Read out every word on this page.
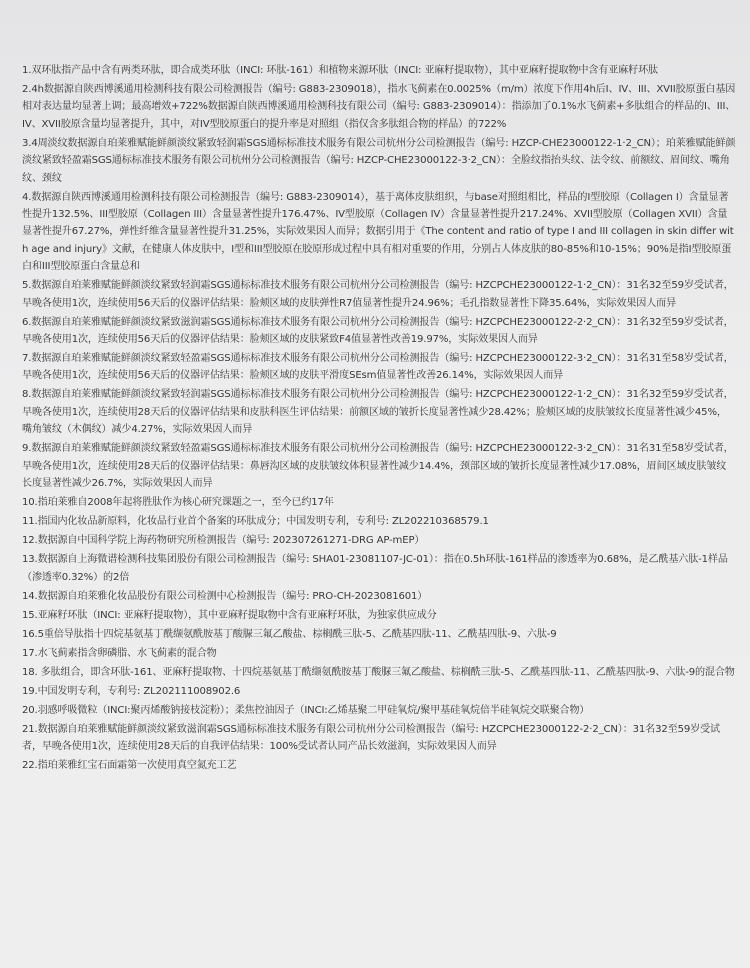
1.双环肽指产品中含有两类环肽，即合成类环肽（INCI: 环肽-161）和植物来源环肽（INCI: 亚麻籽提取物），其中亚麻籽提取物中含有亚麻籽环肽
2.4h数据源自陕西博溪通用检测科技有限公司检测报告（编号: G883-2309018），指水飞蓟素在0.0025%（m/m）浓度下作用4h后I、IV、III、XVII胶原蛋白基因相对表达量均显著上调；最高增效+722%数据源自陕西博溪通用检测科技有限公司（编号: G883-2309014）：指添加了0.1%水飞蓟素+多肽组合的样品的I、III、IV、XVII胶原含量均显著提升，其中，对IV型胶原蛋白的提升率是对照组（指仅含多肽组合物的样品）的722%
3.4周淡纹数据源自珀莱雅赋能鲜颜淡纹紧致轻润霜SGS通标标准技术服务有限公司杭州分公司检测报告（编号: HZCP-CHE23000122-1·2_CN）；珀莱雅赋能鲜颜淡纹紧致轻盈霜SGS通标标准技术服务有限公司杭州分公司检测报告（编号: HZCP-CHE23000122-3·2_CN）：全脸纹指抬头纹、法令纹、前额纹、眉间纹、嘴角纹、颈纹
4.数据源自陕西博溪通用检测科技有限公司检测报告（编号: G883-2309014），基于离体皮肤组织，与base对照组相比，样品的I型胶原（Collagen I）含量显著性提升132.5%、III型胶原（Collagen III）含量显著性提升176.47%、IV型胶原（Collagen IV）含量显著性提升217.24%、XVII型胶原（Collagen XVII）含量显著性提升67.27%，弹性纤维含量显著性提升31.25%，实际效果因人而异；数据引用于《The content and ratio of type I and III collagen in skin differ with age and injury》文献，在健康人体皮肤中，I型和III型胶原在胶原形成过程中具有相对重要的作用，分别占人体皮肤的80-85%和10-15%；90%是指I型胶原蛋白和III型胶原蛋白含量总和
5.数据源自珀莱雅赋能鲜颜淡纹紧致轻润霜SGS通标标准技术服务有限公司杭州分公司检测报告（编号: HZCPCHE23000122-1·2_CN）：31名32至59岁受试者，早晚各使用1次，连续使用56天后的仪器评估结果：脸颊区域的皮肤弹性R7值显著性提升24.96%；毛孔指数显著性下降35.64%，实际效果因人而异
6.数据源自珀莱雅赋能鲜颜淡纹紧致滋润霜SGS通标标准技术服务有限公司杭州分公司检测报告（编号: HZCPCHE23000122-2·2_CN）：31名32至59岁受试者，早晚各使用1次，连续使用56天后的仪器评估结果：脸颊区域的皮肤紧致F4值显著性改善19.97%，实际效果因人而异
7.数据源自珀莱雅赋能鲜颜淡纹紧致轻盈霜SGS通标标准技术服务有限公司杭州分公司检测报告（编号: HZCPCHE23000122-3·2_CN）：31名31至58岁受试者，早晚各使用1次，连续使用56天后的仪器评估结果：脸颊区域的皮肤平滑度SEsm值显著性改善26.14%，实际效果因人而异
8.数据源自珀莱雅赋能鲜颜淡纹紧致轻润霜SGS通标标准技术服务有限公司杭州分公司检测报告（编号: HZCPCHE23000122-1·2_CN）：31名32至59岁受试者，早晚各使用1次，连续使用28天后的仪器评估结果和皮肤科医生评估结果：前额区域的皱折长度显著性减少28.42%；脸颊区域的皮肤皱纹长度显著性减少45%，嘴角皱纹（木偶纹）减少4.27%，实际效果因人而异
9.数据源自珀莱雅赋能鲜颜淡纹紧致轻盈霜SGS通标标准技术服务有限公司杭州分公司检测报告（编号: HZCPCHE23000122-3·2_CN）：31名31至58岁受试者，早晚各使用1次，连续使用28天后的仪器评估结果：鼻唇沟区域的皮肤皱纹体积显著性减少14.4%，颈部区域的皱折长度显著性减少17.08%，眉间区域皮肤皱纹长度显著性减少26.7%，实际效果因人而异
10.指珀莱雅自2008年起将胜肽作为核心研究课题之一，至今已约17年
11.指国内化妆品新原料，化妆品行业首个备案的环肽成分；中国发明专利，专利号: ZL202210368579.1
12.数据源自中国科学院上海药物研究所检测报告（编号: 202307261271-DRG AP-mEP）
13.数据源自上海微谱检测科技集团股份有限公司检测报告（编号: SHA01-23081107-JC-01）：指在0.5h环肽-161样品的渗透率为0.68%，是乙酰基六肽-1样品（渗透率0.32%）的2倍
14.数据源自珀莱雅化妆品股份有限公司检测中心检测报告（编号: PRO-CH-2023081601）
15.亚麻籽环肽（INCI: 亚麻籽提取物），其中亚麻籽提取物中含有亚麻籽环肽，为独家供应成分
16.5重倍导肽指十四烷基氨基丁酰缬氨酰胺基丁酸脲三氟乙酸盐、棕榈酰三肽-5、乙酰基四肽-11、乙酰基四肽-9、六肽-9
17.水飞蓟素指含卵磷脂、水飞蓟素的混合物
18. 多肽组合，即含环肽-161、亚麻籽提取物、十四烷基氨基丁酰缬氨酰胺基丁酸脲三氟乙酸盐、棕榈酰三肽-5、乙酰基四肽-11、乙酰基四肽-9、六肽-9的混合物
19.中国发明专利，专利号: ZL202111008902.6
20.羽感呼吸微粒（INCI:聚丙烯酸钠接枝淀粉）；柔焦控油因子（INCI:乙烯基聚二甲硅氧烷/聚甲基硅氧烷倍半硅氧烷交联聚合物）
21.数据源自珀莱雅赋能鲜颜淡纹紧致滋润霜SGS通标标准技术服务有限公司杭州分公司检测报告（编号: HZCPCHE23000122-2·2_CN）：31名32至59岁受试者，早晚各使用1次，连续使用28天后的自我评估结果：100%受试者认同产品长效滋润，实际效果因人而异
22.指珀莱雅红宝石面霜第一次使用真空氮充工艺
